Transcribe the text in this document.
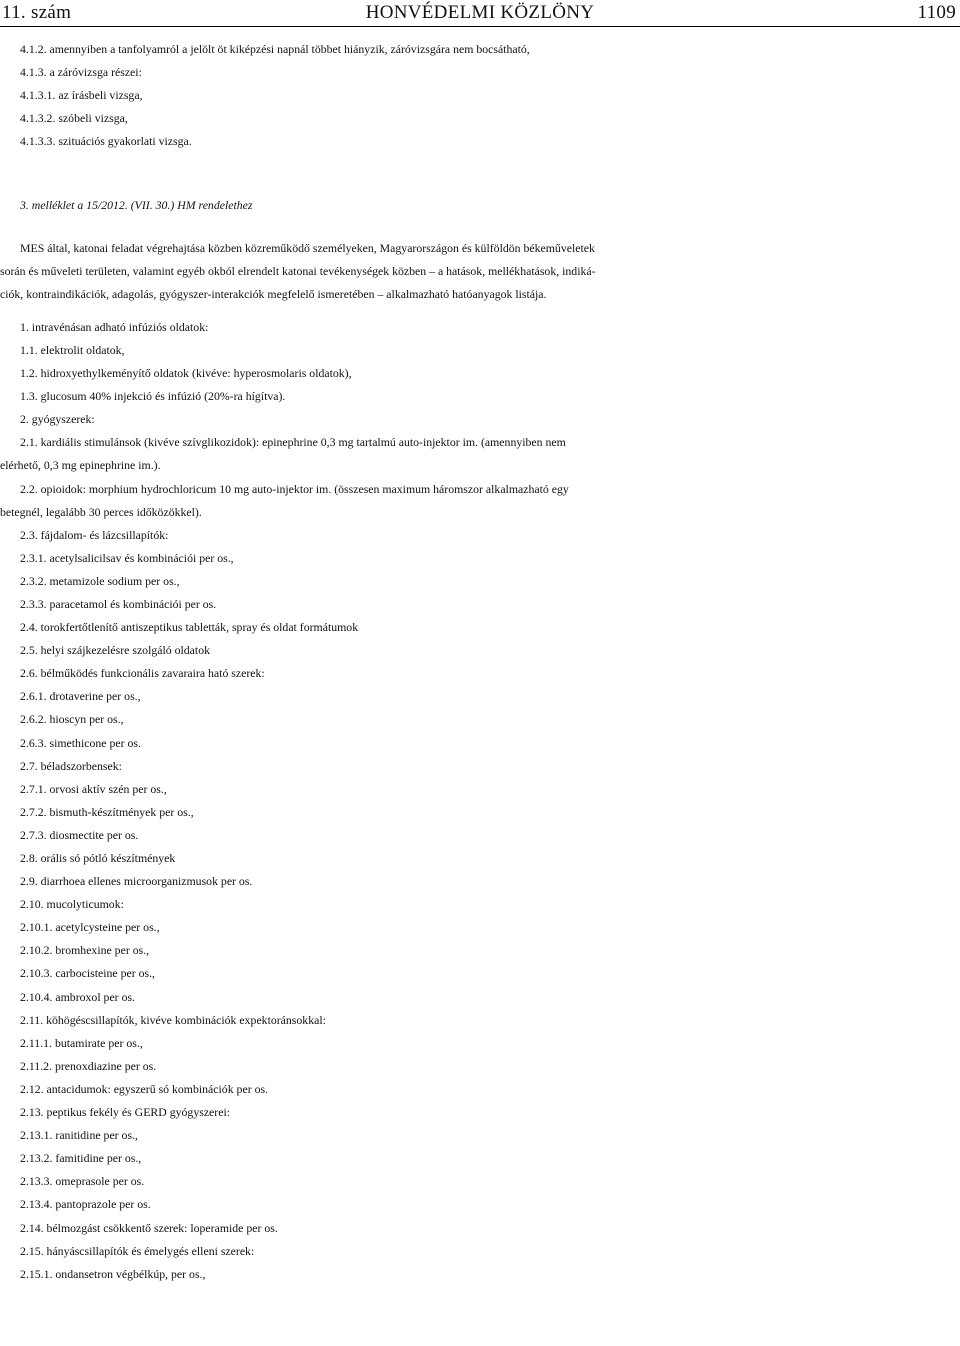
11. szám	HONVÉDELMI KÖZLÖNY	1109

4.1.2. amennyiben a tanfolyamról a jelölt öt kiképzési napnál többet hiányzik, záróvizsgára nem bocsátható,

4.1.3. a záróvizsga részei:

4.1.3.1. az írásbeli vizsga,

4.1.3.2. szóbeli vizsga,

4.1.3.3. szituációs gyakorlati vizsga.

3. melléklet a 15/2012. (VII. 30.) HM rendelethez

MES által, katonai feladat végrehajtása közben közreműködő személyeken, Magyarországon és külföldön békeműveletek

során és műveleti területen, valamint egyéb okból elrendelt katonai tevékenységek közben – a hatások, mellékhatások, indiká-

ciók, kontraindikációk, adagolás, gyógyszer-interakciók megfelelő ismeretében – alkalmazható hatóanyagok listája.

1. intravénásan adható infúziós oldatok:

1.1. elektrolit oldatok,

1.2. hidroxyethylkeményítő oldatok (kivéve: hyperosmolaris oldatok),

1.3. glucosum 40% injekció és infúzió (20%-ra hígítva).

2. gyógyszerek:

2.1. kardiális stimulánsok (kivéve szívglikozidok): epinephrine 0,3 mg tartalmú auto-injektor im. (amennyiben nem

elérhető, 0,3 mg epinephrine im.).

2.2. opioidok: morphium hydrochloricum 10 mg auto-injektor im. (összesen maximum háromszor alkalmazható egy

betegnél, legalább 30 perces időközökkel).

2.3. fájdalom- és lázcsillapítók:

2.3.1. acetylsalicilsav és kombinációi per os.,

2.3.2. metamizole sodium per os.,

2.3.3. paracetamol és kombinációi per os.

2.4. torokfertőtlenítő antiszeptikus tabletták, spray és oldat formátumok

2.5. helyi szájkezelésre szolgáló oldatok

2.6. bélműködés funkcionális zavaraira ható szerek:

2.6.1. drotaverine per os.,

2.6.2. hioscyn per os.,

2.6.3. simethicone per os.

2.7. béladszorbensek:

2.7.1. orvosi aktív szén per os.,

2.7.2. bismuth-készítmények per os.,

2.7.3. diosmectite per os.

2.8. orális só pótló készítmények

2.9. diarrhoea ellenes microorganizmusok per os.

2.10. mucolyticumok:

2.10.1. acetylcysteine per os.,

2.10.2. bromhexine per os.,

2.10.3. carbocisteine per os.,

2.10.4. ambroxol per os.

2.11. köhögéscsillapítók, kivéve kombinációk expektoránsokkal:

2.11.1. butamirate per os.,

2.11.2. prenoxdiazine per os.

2.12. antacidumok: egyszerű só kombinációk per os.

2.13. peptikus fekély és GERD gyógyszerei:

2.13.1. ranitidine per os.,

2.13.2. famitidine per os.,

2.13.3. omeprasole per os.

2.13.4. pantoprazole per os.

2.14. bélmozgást csökkentő szerek: loperamide per os.

2.15. hányáscsillapítók és émelygés elleni szerek:

2.15.1. ondansetron végbélkúp, per os.,
